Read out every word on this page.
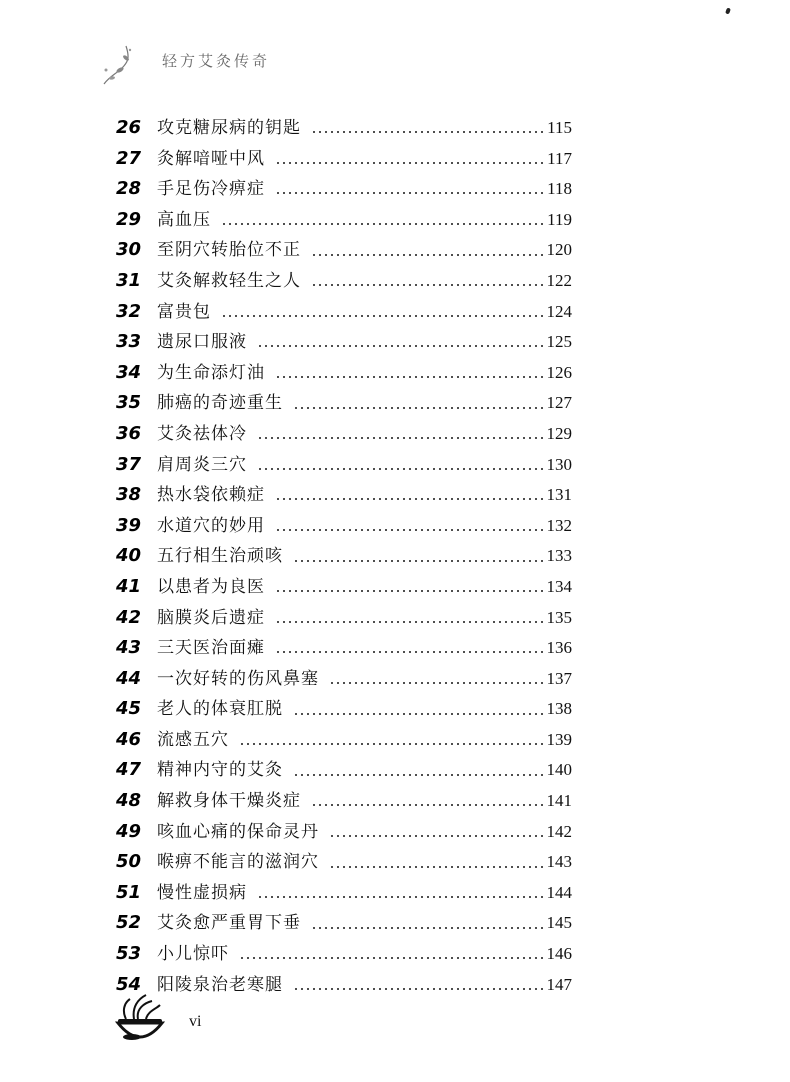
轻方艾灸传奇
26 攻克糖尿病的钥匙	115
27 灸解喑哑中风	117
28 手足伤冷痹症	118
29 高血压	119
30 至阴穴转胎位不正	120
31 艾灸解救轻生之人	122
32 富贵包	124
33 遗尿口服液	125
34 为生命添灯油	126
35 肺癌的奇迹重生	127
36 艾灸祛体冷	129
37 肩周炎三穴	130
38 热水袋依赖症	131
39 水道穴的妙用	132
40 五行相生治顽咳	133
41 以患者为良医	134
42 脑膜炎后遗症	135
43 三天医治面瘫	136
44 一次好转的伤风鼻塞	137
45 老人的体衰肛脱	138
46 流感五穴	139
47 精神内守的艾灸	140
48 解救身体干燥炎症	141
49 咳血心痛的保命灵丹	142
50 喉痹不能言的滋润穴	143
51 慢性虚损病	144
52 艾灸愈严重胃下垂	145
53 小儿惊吓	146
54 阳陵泉治老寒腿	147
vi
